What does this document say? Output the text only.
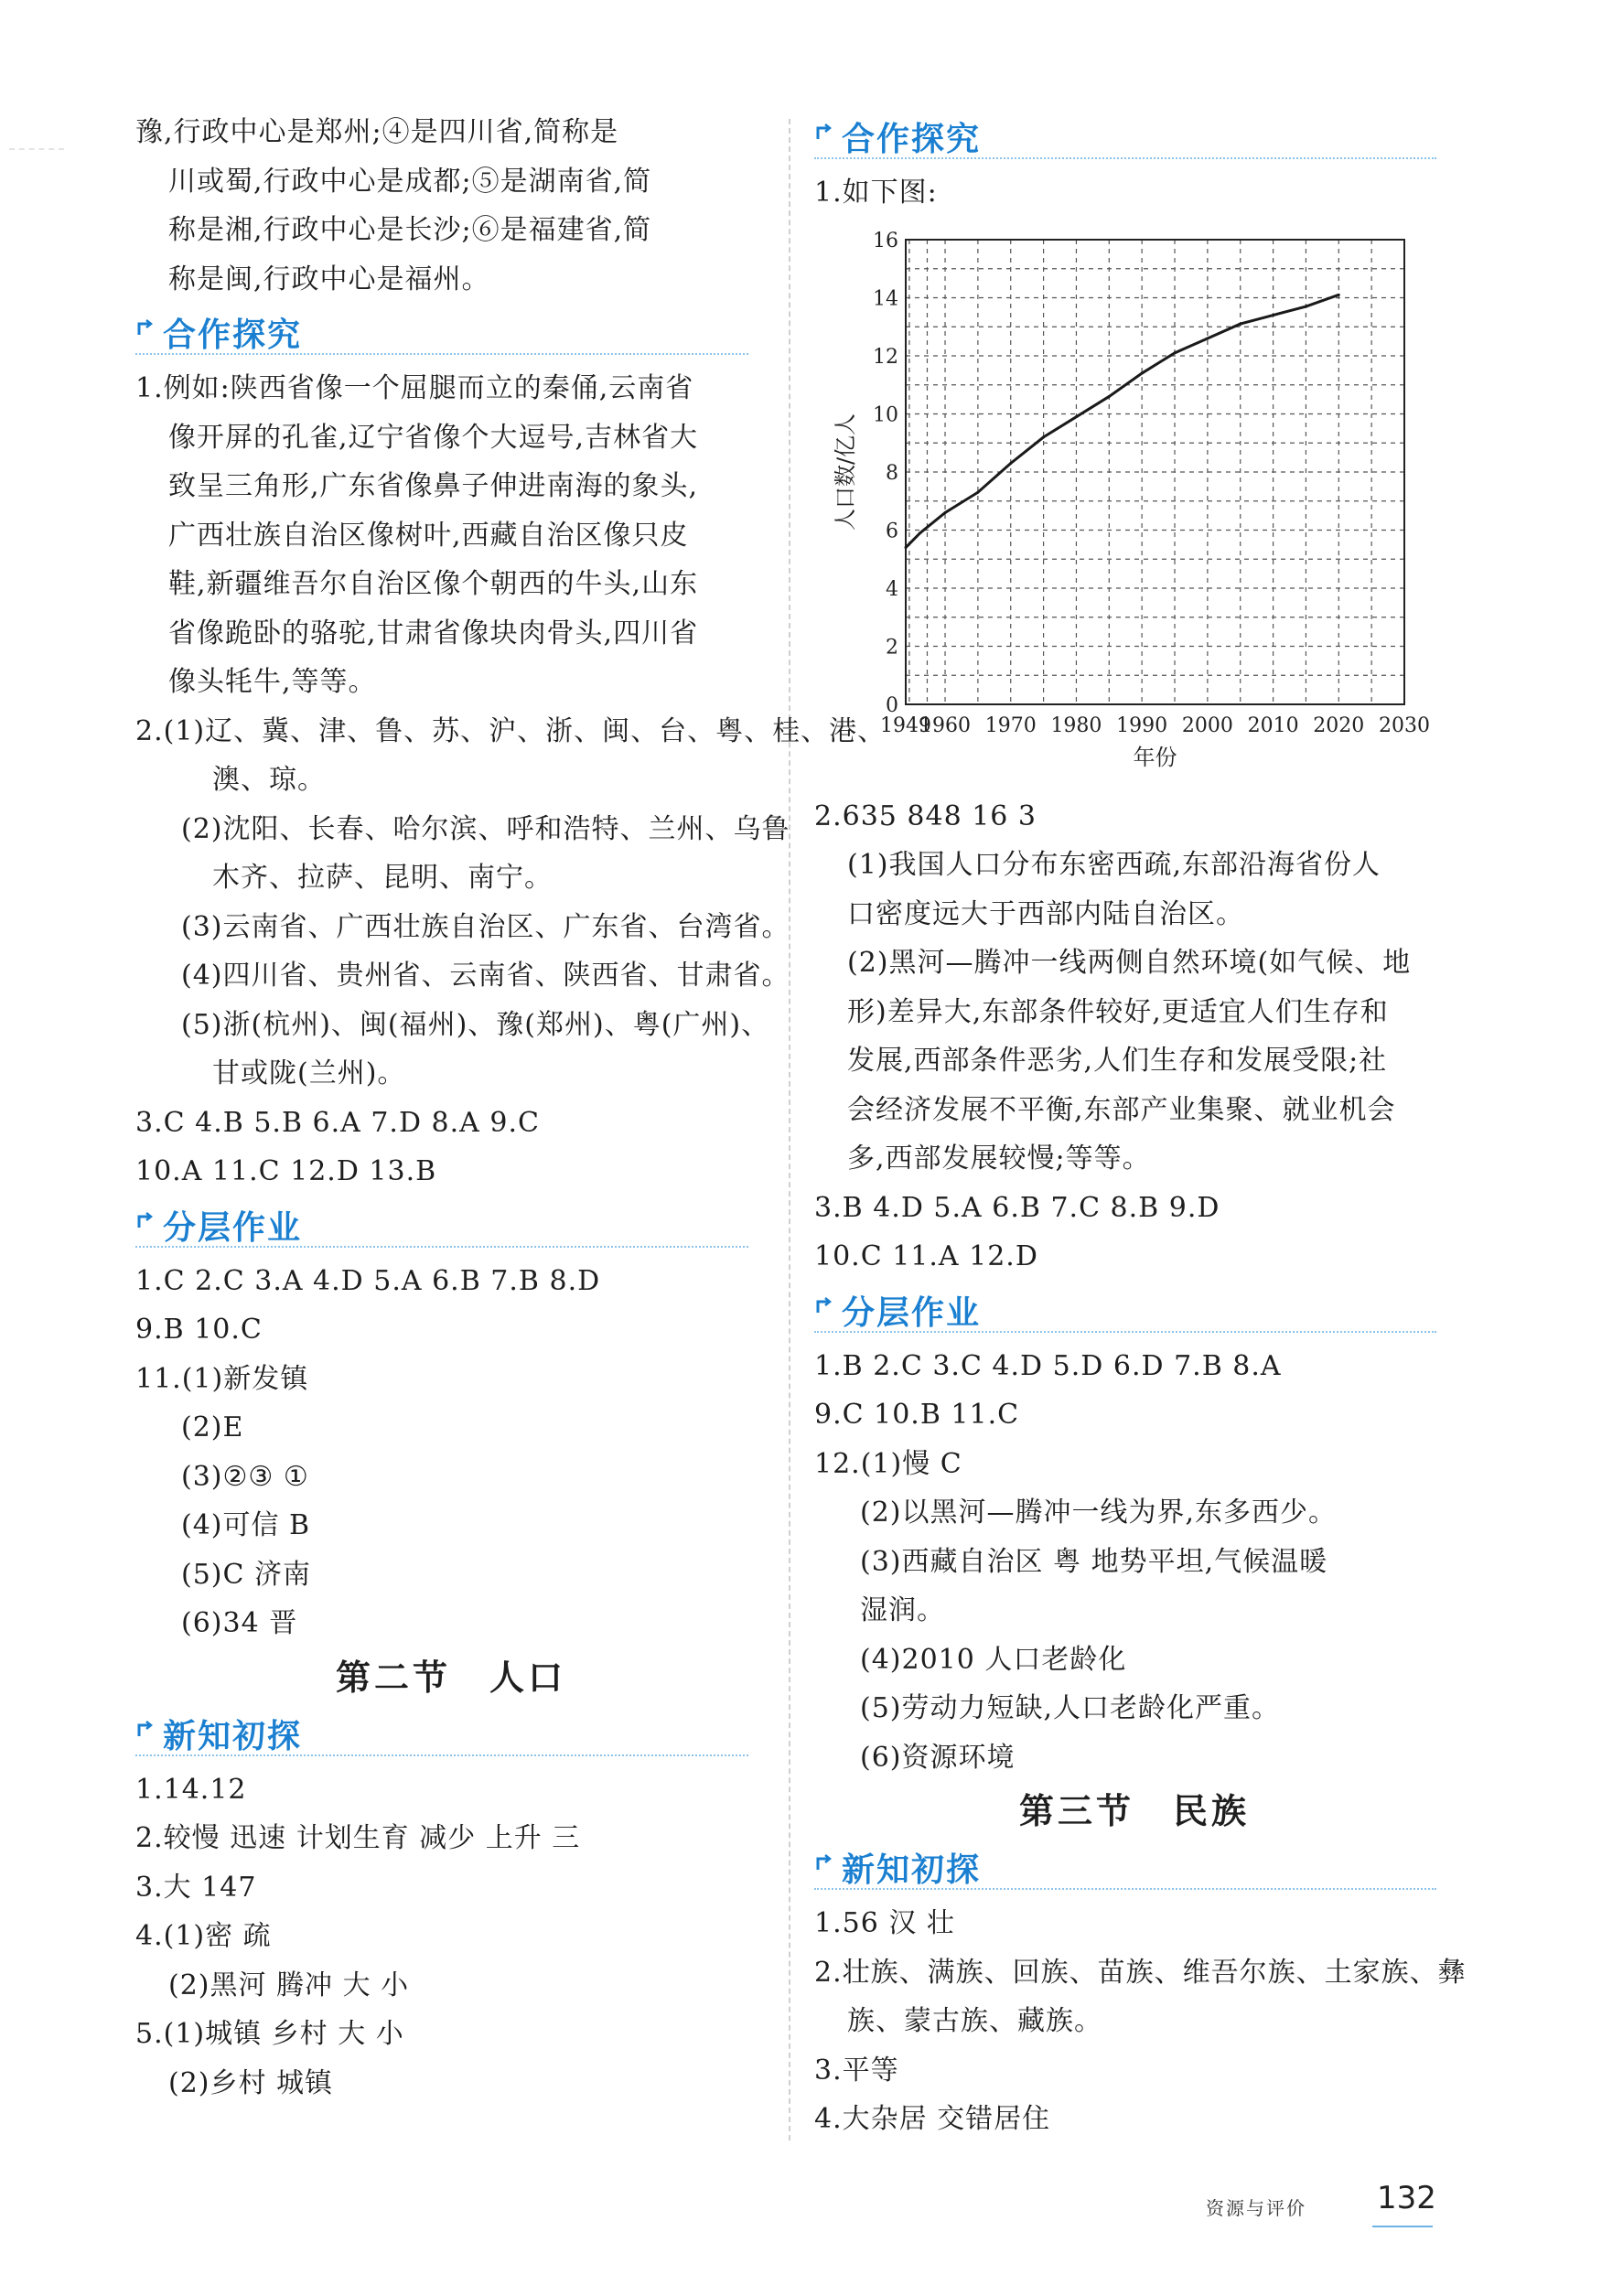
豫,行政中心是郑州;④是四川省,简称是
川或蜀,行政中心是成都;⑤是湖南省,简
称是湘,行政中心是长沙;⑥是福建省,简
称是闽,行政中心是福州。
合作探究
1.例如:陕西省像一个屈腿而立的秦俑,云南省
像开屏的孔雀,辽宁省像个大逗号,吉林省大
致呈三角形,广东省像鼻子伸进南海的象头,
广西壮族自治区像树叶,西藏自治区像只皮
鞋,新疆维吾尔自治区像个朝西的牛头,山东
省像跪卧的骆驼,甘肃省像块肉骨头,四川省
像头牦牛,等等。
2.(1)辽、冀、津、鲁、苏、沪、浙、闽、台、粤、桂、港、
澳、琼。
(2)沈阳、长春、哈尔滨、呼和浩特、兰州、乌鲁
木齐、拉萨、昆明、南宁。
(3)云南省、广西壮族自治区、广东省、台湾省。
(4)四川省、贵州省、云南省、陕西省、甘肃省。
(5)浙(杭州)、闽(福州)、豫(郑州)、粤(广州)、
甘或陇(兰州)。
3.C 4.B 5.B 6.A 7.D 8.A 9.C
10.A 11.C 12.D 13.B
分层作业
1.C 2.C 3.A 4.D 5.A 6.B 7.B 8.D
9.B 10.C
11.(1)新发镇
(2)E
(3)②③ ①
(4)可信 B
(5)C 济南
(6)34 晋
第二节　人口
新知初探
1.14.12
2.较慢 迅速 计划生育 减少 上升 三
3.大 147
4.(1)密 疏
(2)黑河 腾冲 大 小
5.(1)城镇 乡村 大 小
(2)乡村 城镇
合作探究
1.如下图:
0
2
4
6
8
10
12
14
16
1949
1960 1970 1980 1990 2000 2010 2020 2030
人口数/亿人
年份
2.635 848 16 3
(1)我国人口分布东密西疏,东部沿海省份人
口密度远大于西部内陆自治区。
(2)黑河—腾冲一线两侧自然环境(如气候、地
形)差异大,东部条件较好,更适宜人们生存和
发展,西部条件恶劣,人们生存和发展受限;社
会经济发展不平衡,东部产业集聚、就业机会
多,西部发展较慢;等等。
3.B 4.D 5.A 6.B 7.C 8.B 9.D
10.C 11.A 12.D
分层作业
1.B 2.C 3.C 4.D 5.D 6.D 7.B 8.A
9.C 10.B 11.C
12.(1)慢 C
(2)以黑河—腾冲一线为界,东多西少。
(3)西藏自治区 粤 地势平坦,气候温暖
湿润。
(4)2010 人口老龄化
(5)劳动力短缺,人口老龄化严重。
(6)资源环境
第三节　民族
新知初探
1.56 汉 壮
2.壮族、满族、回族、苗族、维吾尔族、土家族、彝
族、蒙古族、藏族。
3.平等
4.大杂居 交错居住
资源与评价 132
